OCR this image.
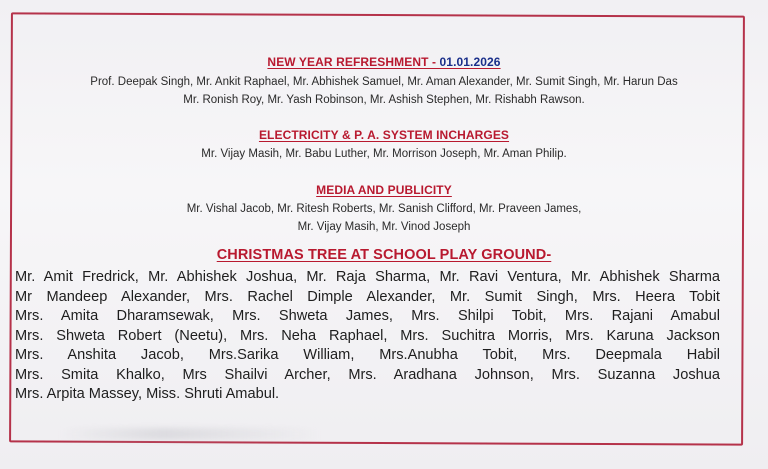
NEW YEAR REFRESHMENT - 01.01.2026
Prof. Deepak Singh, Mr. Ankit Raphael, Mr. Abhishek Samuel, Mr. Aman Alexander, Mr. Sumit Singh, Mr. Harun Das
Mr. Ronish Roy, Mr. Yash Robinson, Mr. Ashish Stephen, Mr. Rishabh Rawson.
ELECTRICITY & P. A. SYSTEM INCHARGES
Mr. Vijay Masih, Mr. Babu Luther, Mr. Morrison Joseph, Mr. Aman Philip.
MEDIA AND PUBLICITY
Mr. Vishal Jacob, Mr. Ritesh Roberts, Mr. Sanish Clifford, Mr. Praveen James,
Mr. Vijay Masih, Mr. Vinod Joseph
CHRISTMAS TREE AT SCHOOL PLAY GROUND-
Mr. Amit Fredrick, Mr. Abhishek Joshua, Mr. Raja Sharma, Mr. Ravi Ventura, Mr. Abhishek Sharma
Mr Mandeep Alexander, Mrs. Rachel Dimple Alexander, Mr. Sumit Singh, Mrs. Heera Tobit
Mrs. Amita Dharamsewak, Mrs. Shweta James, Mrs. Shilpi Tobit, Mrs. Rajani Amabul
Mrs. Shweta Robert (Neetu), Mrs. Neha Raphael, Mrs. Suchitra Morris, Mrs. Karuna Jackson
Mrs. Anshita Jacob, Mrs.Sarika William, Mrs.Anubha Tobit, Mrs. Deepmala Habil
Mrs. Smita Khalko, Mrs Shailvi Archer, Mrs. Aradhana Johnson, Mrs. Suzanna Joshua
Mrs. Arpita Massey, Miss. Shruti Amabul.
